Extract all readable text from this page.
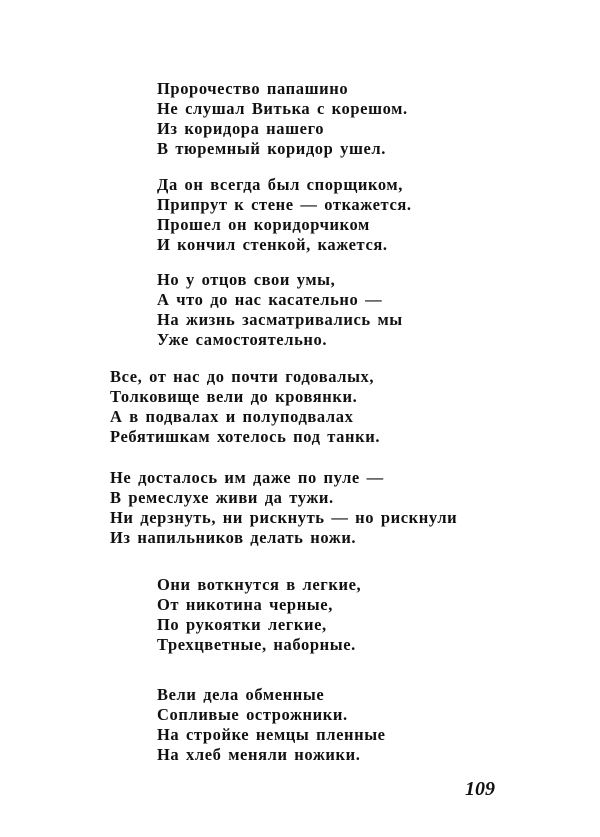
Пророчество папашино
Не слушал Витька с корешом.
Из коридора нашего
В тюремный коридор ушел.
Да он всегда был спорщиком,
Припрут к стене — откажется.
Прошел он коридорчиком
И кончил стенкой, кажется.
Но у отцов свои умы,
А что до нас касательно —
На жизнь засматривались мы
Уже самостоятельно.
Все, от нас до почти годовалых,
Толковище вели до кровянки.
А в подвалах и полуподвалах
Ребятишкам хотелось под танки.
Не досталось им даже по пуле —
В ремеслухе живи да тужи.
Ни дерзнуть, ни рискнуть — но рискнули
Из напильников делать ножи.
Они воткнутся в легкие,
От никотина черные,
По рукоятки легкие,
Трехцветные, наборные.
Вели дела обменные
Сопливые острожники.
На стройке немцы пленные
На хлеб меняли ножики.
109
